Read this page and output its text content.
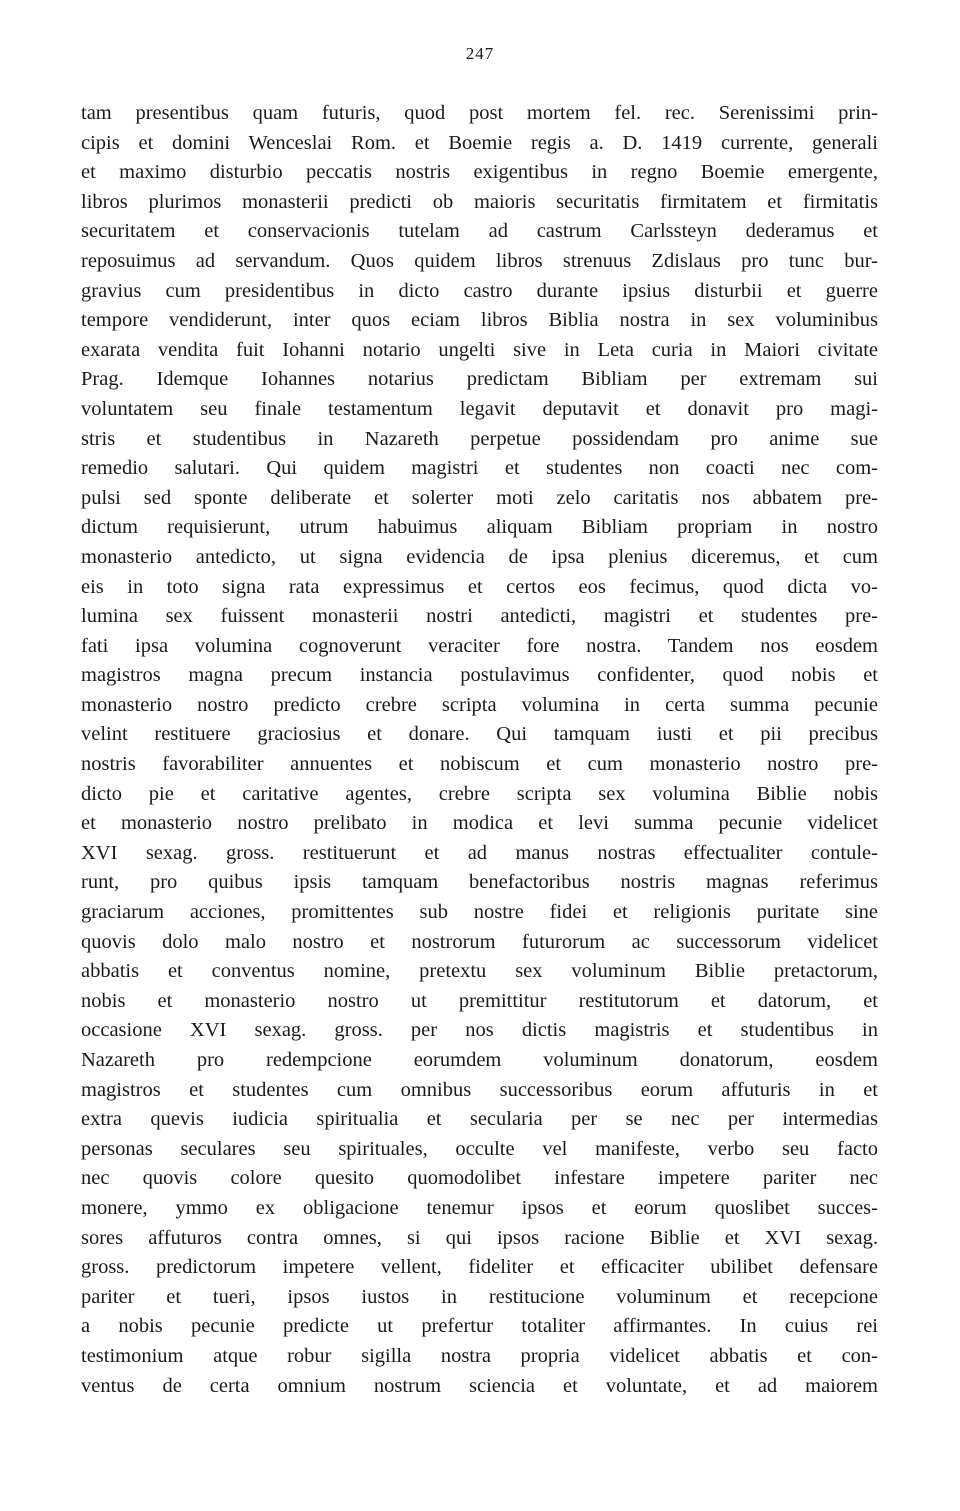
247
tam presentibus quam futuris, quod post mortem fel. rec. Serenissimi prin-
cipis et domini Wenceslai Rom. et Boemie regis a. D. 1419 currente, generali
et maximo disturbio peccatis nostris exigentibus in regno Boemie emergente,
libros plurimos monasterii predicti ob maioris securitatis firmitatem et firmitatis
securitatem et conservacionis tutelam ad castrum Carlssteyn dederamus et
reposuimus ad servandum. Quos quidem libros strenuus Zdislaus pro tunc bur-
gravius cum presidentibus in dicto castro durante ipsius disturbii et guerre
tempore vendiderunt, inter quos eciam libros Biblia nostra in sex voluminibus
exarata vendita fuit Iohanni notario ungelti sive in Leta curia in Maiori civitate
Prag. Idemque Iohannes notarius predictam Bibliam per extremam sui
voluntatem seu finale testamentum legavit deputavit et donavit pro magi-
stris et studentibus in Nazareth perpetue possidendam pro anime sue
remedio salutari. Qui quidem magistri et studentes non coacti nec com-
pulsi sed sponte deliberate et solerter moti zelo caritatis nos abbatem pre-
dictum requisierunt, utrum habuimus aliquam Bibliam propriam in nostro
monasterio antedicto, ut signa evidencia de ipsa plenius diceremus, et cum
eis in toto signa rata expressimus et certos eos fecimus, quod dicta vo-
lumina sex fuissent monasterii nostri antedicti, magistri et studentes pre-
fati ipsa volumina cognoverunt veraciter fore nostra. Tandem nos eosdem
magistros magna precum instancia postulavimus confidenter, quod nobis et
monasterio nostro predicto crebre scripta volumina in certa summa pecunie
velint restituere graciosius et donare. Qui tamquam iusti et pii precibus
nostris favorabiliter annuentes et nobiscum et cum monasterio nostro pre-
dicto pie et caritative agentes, crebre scripta sex volumina Biblie nobis
et monasterio nostro prelibato in modica et levi summa pecunie videlicet
XVI sexag. gross. restituerunt et ad manus nostras effectualiter contule-
runt, pro quibus ipsis tamquam benefactoribus nostris magnas referimus
graciarum acciones, promittentes sub nostre fidei et religionis puritate sine
quovis dolo malo nostro et nostrorum futurorum ac successorum videlicet
abbatis et conventus nomine, pretextu sex voluminum Biblie pretactorum,
nobis et monasterio nostro ut premittitur restitutorum et datorum, et
occasione XVI sexag. gross. per nos dictis magistris et studentibus in
Nazareth pro redempcione eorumdem voluminum donatorum, eosdem
magistros et studentes cum omnibus successoribus eorum affuturis in et
extra quevis iudicia spiritualia et secularia per se nec per intermedias
personas seculares seu spirituales, occulte vel manifeste, verbo seu facto
nec quovis colore quesito quomodolibet infestare impetere pariter nec
monere, ymmo ex obligacione tenemur ipsos et eorum quoslibet succes-
sores affuturos contra omnes, si qui ipsos racione Biblie et XVI sexag.
gross. predictorum impetere vellent, fideliter et efficaciter ubilibet defensare
pariter et tueri, ipsos iustos in restitucione voluminum et recepcione
a nobis pecunie predicte ut prefertur totaliter affirmantes. In cuius rei
testimonium atque robur sigilla nostra propria videlicet abbatis et con-
ventus de certa omnium nostrum sciencia et voluntate, et ad maiorem
